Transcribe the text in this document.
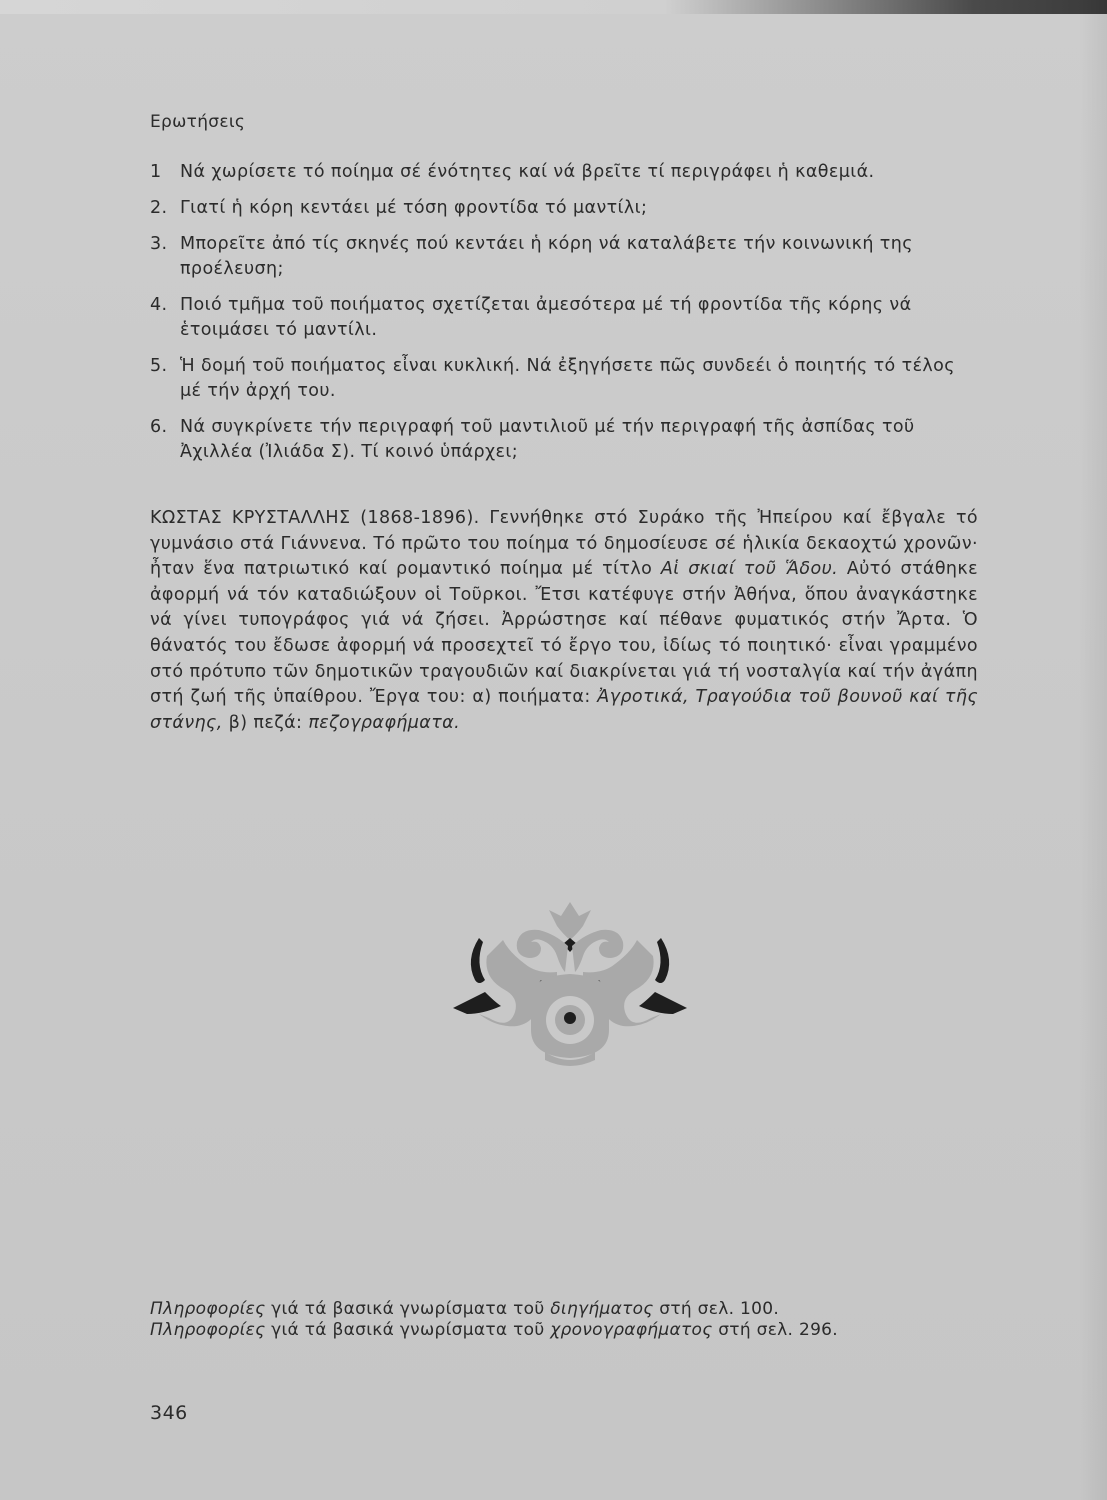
Ερωτήσεις
1	Νά χωρίσετε τό ποίημα σέ ένότητες καί νά βρεῖτε τί περιγράφει ἡ καθεμιά.
2. Γιατί ἡ κόρη κεντάει μέ τόση φροντίδα τό μαντίλι;
3. Μπορεῖτε ἀπό τίς σκηνές πού κεντάει ἡ κόρη νά καταλάβετε τήν κοινωνική της προέλευση;
4. Ποιό τμῆμα τοῦ ποιήματος σχετίζεται ἀμεσότερα μέ τή φροντίδα τῆς κόρης νά ἑτοιμάσει τό μαντίλι.
5. Ἡ δομή τοῦ ποιήματος εἶναι κυκλική. Νά ἐξηγήσετε πῶς συνδεέι ὁ ποιητής τό τέλος μέ τήν ἀρχή του.
6. Νά συγκρίνετε τήν περιγραφή τοῦ μαντιλιοῦ μέ τήν περιγραφή τῆς ἀσπίδας τοῦ Ἀχιλλέα (Ἰλιάδα Σ). Τί κοινό ὑπάρχει;

ΚΩΣΤΑΣ ΚΡΥΣΤΑΛΛΗΣ (1868-1896). Γεννήθηκε στό Συράκο τῆς Ἠπείρου καί ἔβγαλε τό γυμνάσιο στά Γιάννενα. Τό πρῶτο του ποίημα τό δημοσίευσε σέ ἡλικία δεκαοχτώ χρονῶν· ἦταν ἕνα πατριωτικό καί ρομαντικό ποίημα μέ τίτλο Αἱ σκιαί τοῦ Ἅδου. Αὐτό στάθηκε ἀφορμή νά τόν καταδιώξουν οἱ Τοῦρκοι. Ἔτσι κατέφυγε στήν Ἀθήνα, ὅπου ἀναγκάστηκε νά γίνει τυπογράφος γιά νά ζήσει. Ἀρρώστησε καί πέθανε φυματικός στήν Ἄρτα. Ὁ θάνατός του ἔδωσε ἀφορμή νά προσεχτεῖ τό ἔργο του, ἰδίως τό ποιητικό· εἶναι γραμμένο στό πρότυπο τῶν δημοτικῶν τραγουδιῶν καί διακρίνεται γιά τή νοσταλγία καί τήν ἀγάπη στή ζωή τῆς ὑπαίθρου. Ἔργα του: α) ποιήματα: Ἀγροτικά, Τραγούδια τοῦ βουνοῦ καί τῆς στάνης, β) πεζά: πεζογραφήματα.

Πληροφορίες γιά τά βασικά γνωρίσματα τοῦ διηγήματος στή σελ. 100.
Πληροφορίες γιά τά βασικά γνωρίσματα τοῦ χρονογραφήματος στή σελ. 296.
346
